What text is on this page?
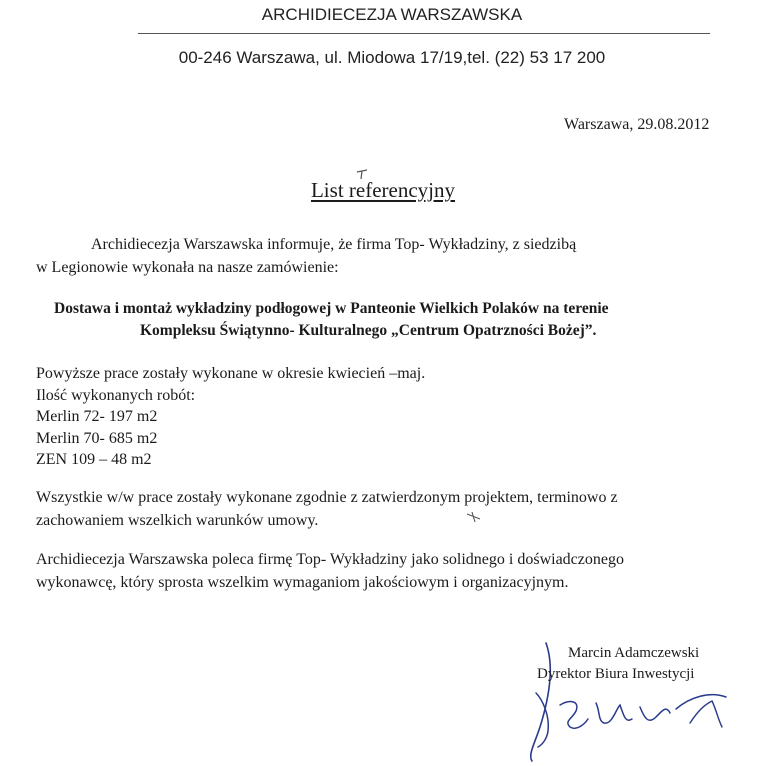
ARCHIDIECEZJA WARSZAWSKA
00-246 Warszawa, ul. Miodowa 17/19,tel. (22) 53 17 200
Warszawa, 29.08.2012
List referencyjny
Archidiecezja Warszawska informuje, że firma Top- Wykładziny, z siedzibą
w Legionowie wykonała na nasze zamówienie:
Dostawa i montaż wykładziny podłogowej w Panteonie Wielkich Polaków na terenie
Kompleksu Świątynno- Kulturalnego „Centrum Opatrzności Bożej”.
Powyższe prace zostały wykonane w okresie kwiecień –maj.
Ilość wykonanych robót:
Merlin 72- 197 m2
Merlin 70- 685 m2
ZEN 109 – 48 m2
Wszystkie w/w prace zostały wykonane zgodnie z zatwierdzonym projektem, terminowo z
zachowaniem wszelkich warunków umowy.
Archidiecezja Warszawska poleca firmę Top- Wykładziny jako solidnego i doświadczonego
wykonawcę, który sprosta wszelkim wymaganiom jakościowym i organizacyjnym.
Marcin Adamczewski
Dyrektor Biura Inwestycji
